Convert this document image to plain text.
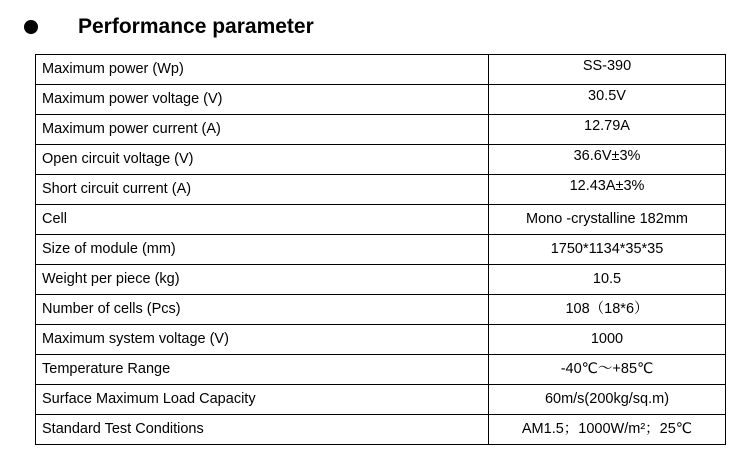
Performance parameter
Maximum power (Wp)	SS-390
Maximum power voltage (V)	30.5V
Maximum power current (A)	12.79A
Open circuit voltage (V)	36.6V±3%
Short circuit current (A)	12.43A±3%
Cell	Mono -crystalline 182mm
Size of module (mm)	1750*1134*35*35
Weight per piece (kg)	10.5
Number of cells (Pcs)	108（18*6）
Maximum system voltage (V)	1000
Temperature Range	-40℃～+85℃
Surface Maximum Load Capacity	60m/s(200kg/sq.m)
Standard Test Conditions	AM1.5；1000W/m²；25℃
